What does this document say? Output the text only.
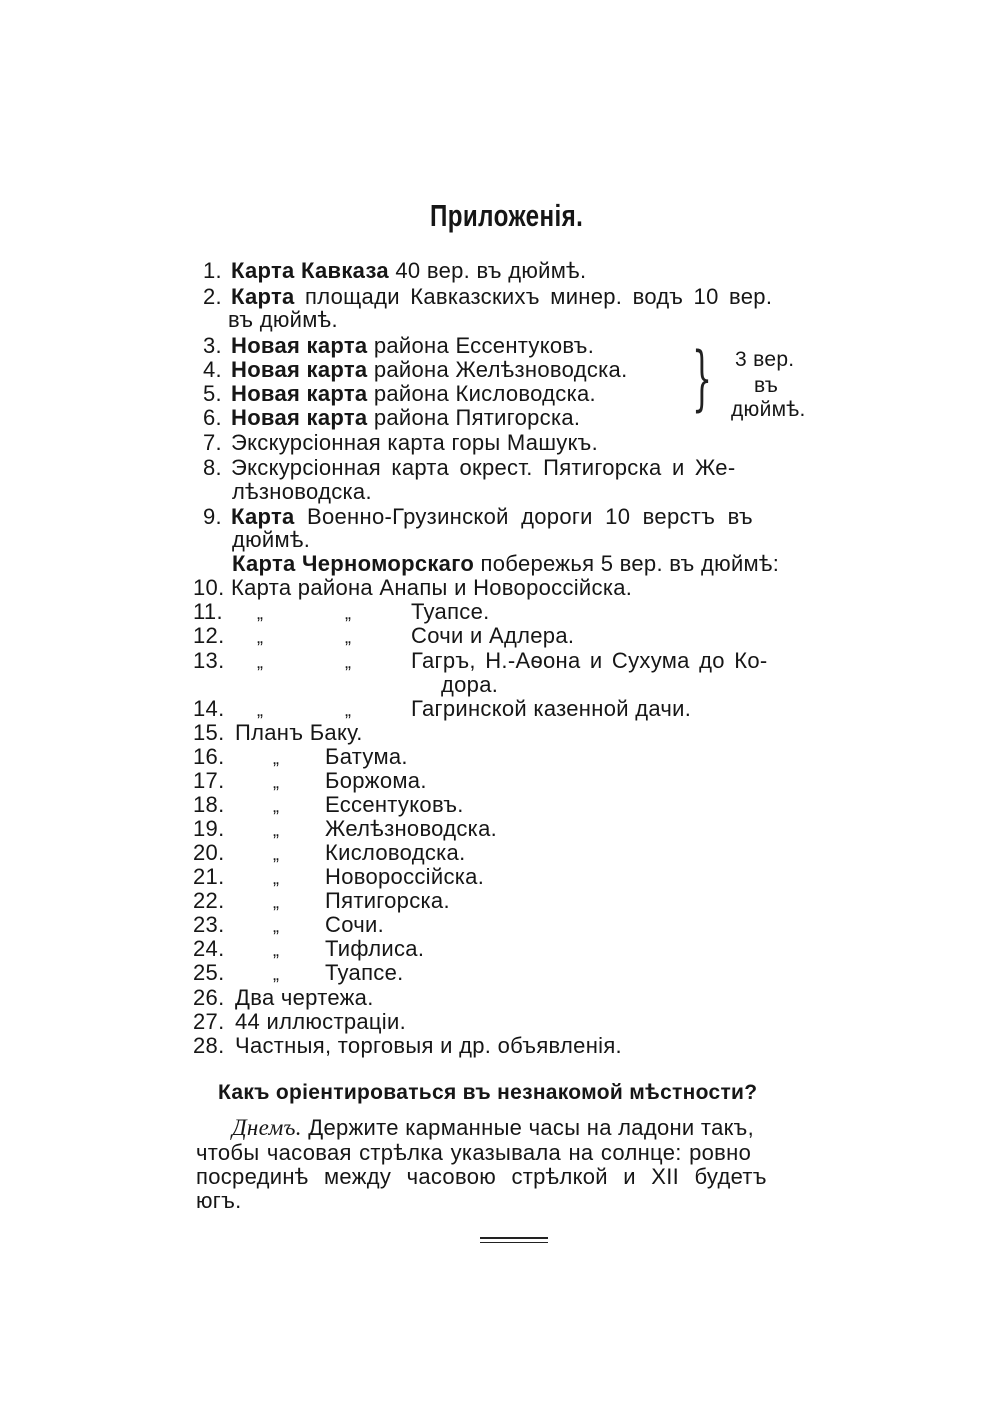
Приложенія.
1. Карта Кавказа 40 вер. въ дюймѣ.
2. Карта площади Кавказскихъ минер. водъ 10 вер.
въ дюймѣ.
3. Новая карта района Ессентуковъ.
4. Новая карта района Желѣзноводска.
5. Новая карта района Кисловодска.
6. Новая карта района Пятигорска. } 3 вер.
въ
дюймѣ.
7. Экскурсіонная карта горы Машукъ.
8. Экскурсіонная карта окрест. Пятигорска и Же-
лѣзноводска.
9. Карта Военно-Грузинской дороги 10 верстъ въ
дюймѣ.
Карта Черноморскаго побережья 5 вер. въ дюймѣ:
10. Карта района Анапы и Новороссійска.
11. „	„	Туапсе.
12. „	„	Сочи и Адлера.
13. „	„	Гагръ, Н.-Аѳона и Сухума до Ко-
дора.
14. „	„	Гагринской казенной дачи.
15. Планъ Баку.
16.	„ Батума.
17.	„ Боржома.
18.	„ Ессентуковъ.
19.	„ Желѣзноводска.
20.	„ Кисловодска.
21.	„ Новороссійска.
22.	„ Пятигорска.
23.	„ Сочи.
24.	„ Тифлиса.
25.	„ Туапсе.
26. Два чертежа.
27. 44 иллюстраціи.
28. Частныя, торговыя и др. объявленія.
Какъ оріентироваться въ незнакомой мѣстности?
Днемъ. Держите карманные часы на ладони такъ,
чтобы часовая стрѣлка указывала на солнце: ровно
посрединѣ между часовою стрѣлкой и XII будетъ
югъ.
